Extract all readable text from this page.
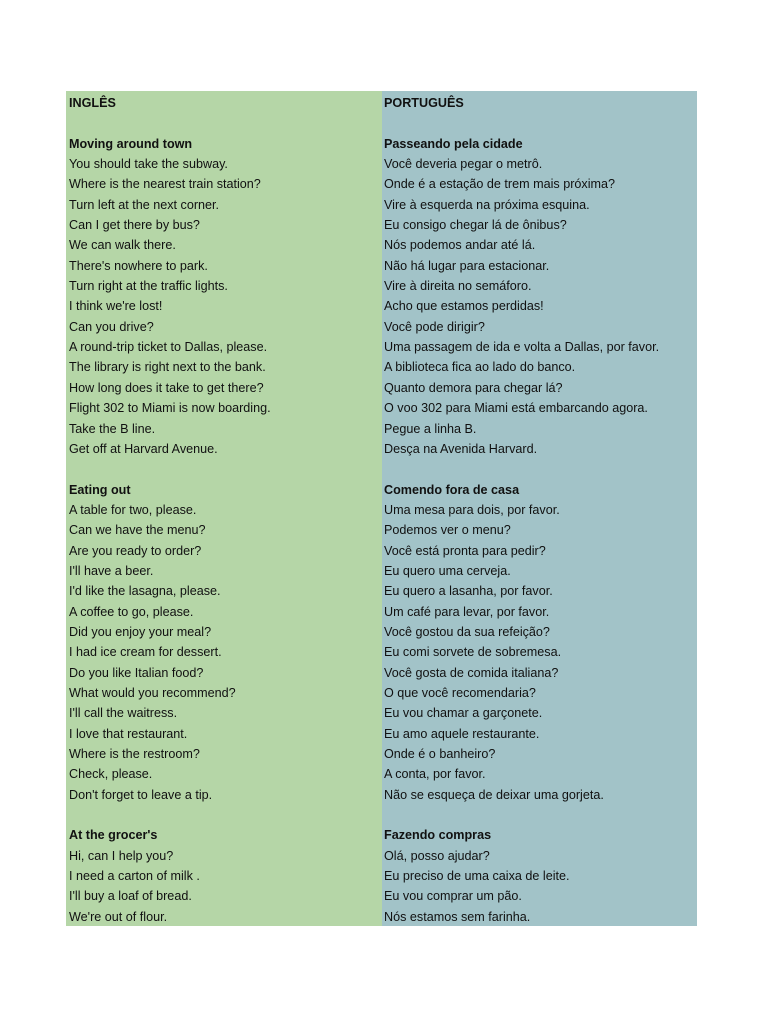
INGLÊS
Moving around town
You should take the subway.
Where is the nearest train station?
Turn left at the next corner.
Can I get there by bus?
We can walk there.
There's nowhere to park.
Turn right at the traffic lights.
I think we're lost!
Can you drive?
A round-trip ticket to Dallas, please.
The library is right next to the bank.
How long does it take to get there?
Flight 302 to Miami is now boarding.
Take the B line.
Get off at Harvard Avenue.
Eating out
A table for two, please.
Can we have the menu?
Are you ready to order?
I'll have a beer.
I'd like the lasagna, please.
A coffee to go, please.
Did you enjoy your meal?
I had ice cream for dessert.
Do you like Italian food?
What would you recommend?
I'll call the waitress.
I love that restaurant.
Where is the restroom?
Check, please.
Don't forget to leave a tip.
At the grocer's
Hi, can I help you?
I need a carton of milk .
I'll buy a loaf of bread.
We're out of flour.
PORTUGUÊS
Passeando pela cidade
Você deveria pegar o metrô.
Onde é a estação de trem mais próxima?
Vire à esquerda na próxima esquina.
Eu consigo chegar lá de ônibus?
Nós podemos andar até lá.
Não há lugar para estacionar.
Vire à direita no semáforo.
Acho que estamos perdidas!
Você pode dirigir?
Uma passagem de ida e volta a Dallas, por favor.
A biblioteca fica ao lado do banco.
Quanto demora para chegar lá?
O voo 302 para Miami está embarcando agora.
Pegue a linha B.
Desça na Avenida Harvard.
Comendo fora de casa
Uma mesa para dois, por favor.
Podemos ver o menu?
Você está pronta para pedir?
Eu quero uma cerveja.
Eu quero a lasanha, por favor.
Um café para levar, por favor.
Você gostou da sua refeição?
Eu comi sorvete de sobremesa.
Você gosta de comida italiana?
O que você recomendaria?
Eu vou chamar a garçonete.
Eu amo aquele restaurante.
Onde é o banheiro?
A conta, por favor.
Não se esqueça de deixar uma gorjeta.
Fazendo compras
Olá, posso ajudar?
Eu preciso de uma caixa de leite.
Eu vou comprar um pão.
Nós estamos sem farinha.
